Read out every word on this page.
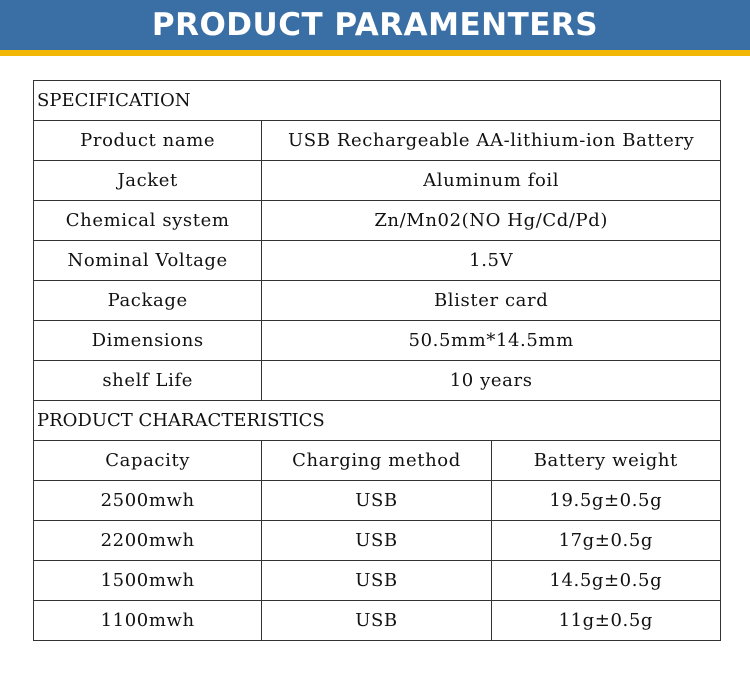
PRODUCT PARAMENTERS
SPECIFICATION		
Product name	USB Rechargeable AA-lithium-ion Battery	
Jacket	Aluminum foil	
Chemical system	Zn/Mn02(NO Hg/Cd/Pd)	
Nominal Voltage	1.5V	
Package	Blister card	
Dimensions	50.5mm*14.5mm	
shelf Life	10 years	
PRODUCT CHARACTERISTICS		
Capacity	Charging method	Battery weight
2500mwh	USB	19.5g±0.5g
2200mwh	USB	17g±0.5g
1500mwh	USB	14.5g±0.5g
1100mwh	USB	11g±0.5g
